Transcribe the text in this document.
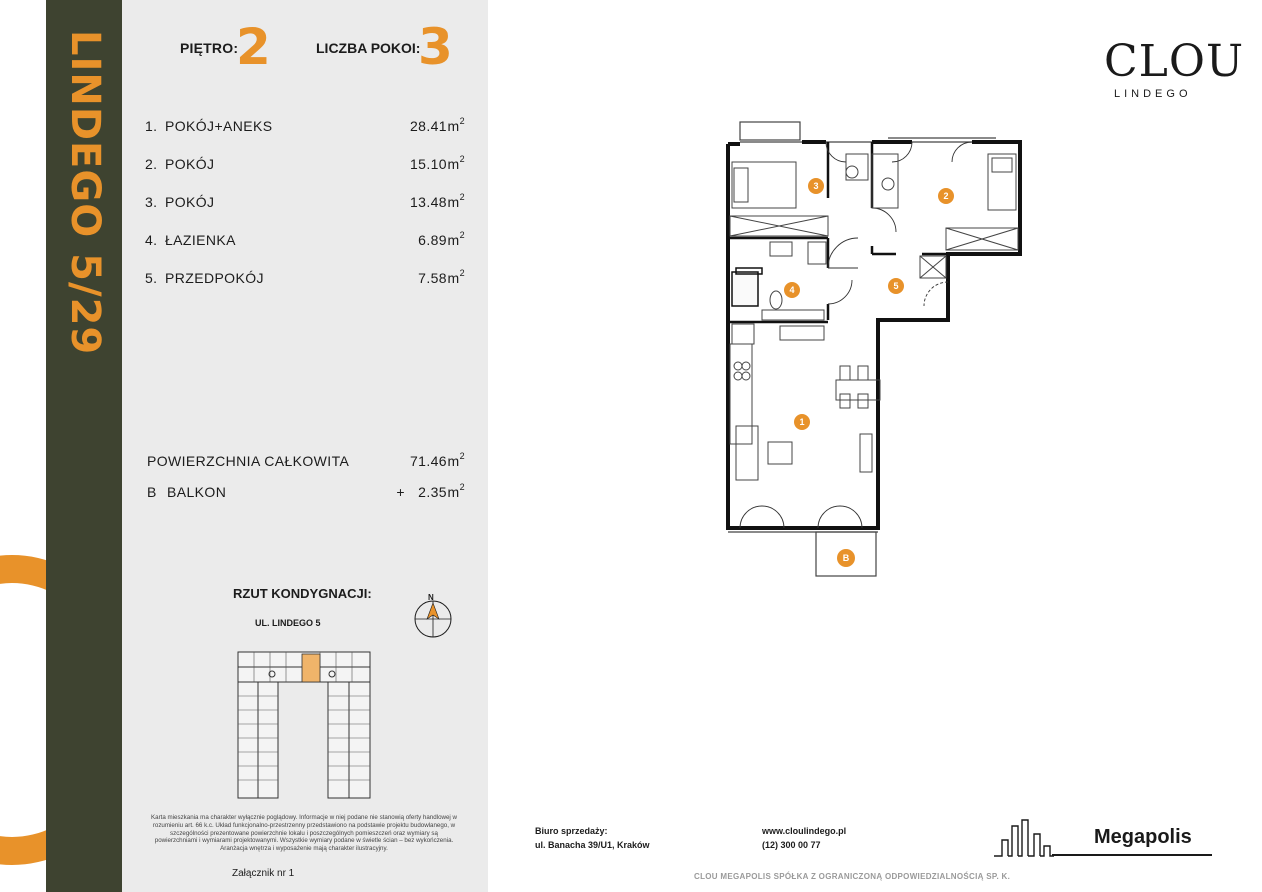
LINDEGO 5/29	PIĘTRO:
2	LICZBA POKOI:
3
1. POKÓJ+ANEKS	28.41 $m^2$
2. POKÓJ	15.10 $m^2$
3. POKÓJ	13.48 $m^2$
4. ŁAZIENKA	6.89 $m^2$
5. PRZEDPOKÓJ	7.58 $m^2$
POWIERZCHNIA CAŁKOWITA	71.46 $m^2$
B BALKON	+ 2.35 $m^2$
RZUT KONDYGNACJI:
UL. LINDEGO 5
N
Karta mieszkania ma charakter wyłącznie poglądowy. Informacje w niej podane nie stanowią oferty handlowej w rozumieniu art. 66 k.c. Układ funkcjonalno-przestrzenny przedstawiono na podstawie projektu budowlanego, w szczególności prezentowane powierzchnie lokalu i poszczególnych pomieszczeń oraz wymiary są powierzchniami i wymiarami projektowanymi. Wszystkie wymiary podane w świetle ścian – bez wykończenia. Aranżacja wnętrza i wyposażenie mają charakter ilustracyjny.
Załącznik nr 1
CLOU
LINDEGO
3
2
4	5
1
B
Biuro sprzedaży:
ul. Banacha 39/U1, Kraków
www.cloulindego.pl
(12) 300 00 77	Megapolis
CLOU MEGAPOLIS SPÓŁKA Z OGRANICZONĄ ODPOWIEDZIALNOŚCIĄ SP. K.
